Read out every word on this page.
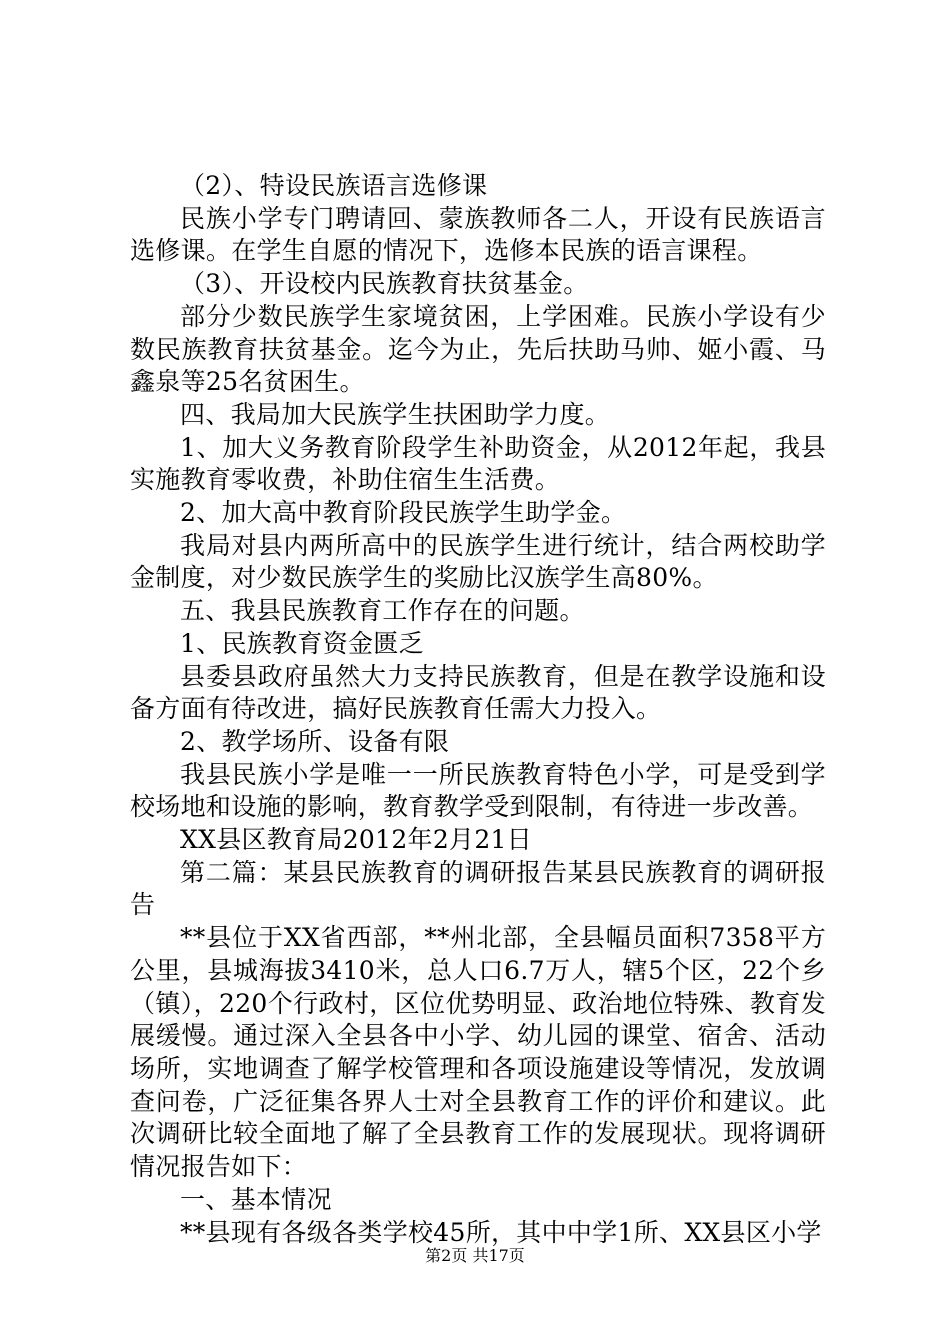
（2）、特设民族语言选修课

民族小学专门聘请回、蒙族教师各二人，开设有民族语言选修课。在学生自愿的情况下，选修本民族的语言课程。

（3）、开设校内民族教育扶贫基金。

部分少数民族学生家境贫困，上学困难。民族小学设有少数民族教育扶贫基金。迄今为止，先后扶助马帅、姬小霞、马鑫泉等25名贫困生。

四、我局加大民族学生扶困助学力度。

1、加大义务教育阶段学生补助资金，从2012年起，我县实施教育零收费，补助住宿生生活费。

2、加大高中教育阶段民族学生助学金。

我局对县内两所高中的民族学生进行统计，结合两校助学金制度，对少数民族学生的奖励比汉族学生高80%。

五、我县民族教育工作存在的问题。

1、民族教育资金匮乏

县委县政府虽然大力支持民族教育，但是在教学设施和设备方面有待改进，搞好民族教育任需大力投入。

2、教学场所、设备有限

我县民族小学是唯一一所民族教育特色小学，可是受到学校场地和设施的影响，教育教学受到限制，有待进一步改善。

XX县区教育局2012年2月21日

第二篇：某县民族教育的调研报告某县民族教育的调研报告

**县位于XX省西部，**州北部，全县幅员面积7358平方公里，县城海拔3410米，总人口6.7万人，辖5个区，22个乡（镇），220个行政村，区位优势明显、政治地位特殊、教育发展缓慢。通过深入全县各中小学、幼儿园的课堂、宿舍、活动场所，实地调查了解学校管理和各项设施建设等情况，发放调查问卷，广泛征集各界人士对全县教育工作的评价和建议。此次调研比较全面地了解了全县教育工作的发展现状。现将调研情况报告如下：

一、基本情况

**县现有各级各类学校45所，其中中学1所、XX县区小学

第2页 共17页
